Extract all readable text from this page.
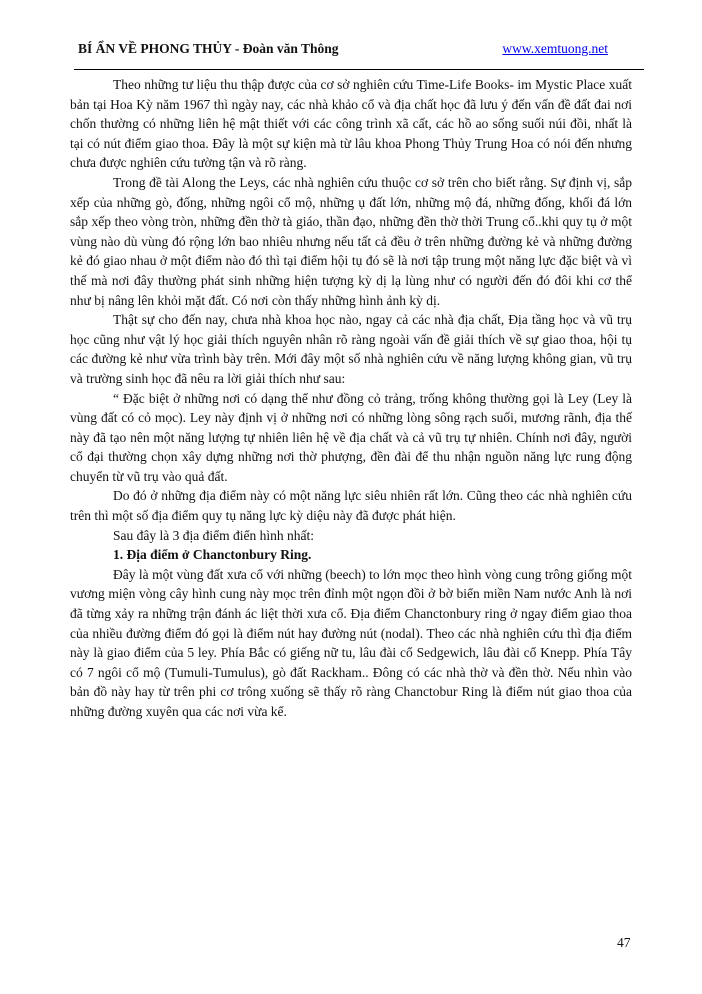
BÍ ẨN VỀ PHONG THỦY - Đoàn văn Thông	www.xemtuong.net

Theo những tư liệu thu thập được của cơ sở nghiên cứu Time-Life Books- im Mystic Place xuất bản tại Hoa Kỳ năm 1967 thì ngày nay, các nhà khảo cổ và địa chất học đã lưu ý đến vấn đề đất đai nơi chốn thường có những liên hệ mật thiết với các công trình xã cất, các hồ ao sống suối núi đồi, nhất là tại có nút điểm giao thoa. Đây là một sự kiện mà từ lâu khoa Phong Thủy Trung Hoa có nói đến nhưng chưa được nghiên cứu tường tận và rõ ràng.

Trong đề tài Along the Leys, các nhà nghiên cứu thuộc cơ sở trên cho biết rằng. Sự định vị, sắp xếp của những gò, đống, những ngôi cổ mộ, những ụ đất lớn, những mộ đá, những đống, khối đá lớn sắp xếp theo vòng tròn, những đền thờ tà giáo, thần đạo, những đền thờ thời Trung cổ..khi quy tụ ở một vùng nào dù vùng đó rộng lớn bao nhiêu nhưng nếu tất cả đều ở trên những đường kẻ và những đường kẻ đó giao nhau ở một điểm nào đó thì tại điểm hội tụ đó sẽ là nơi tập trung một năng lực đặc biệt và vì thế mà nơi đây thường phát sinh những hiện tượng kỳ dị lạ lùng như có người đến đó đôi khi cơ thể như bị nâng lên khỏi mặt đất. Có nơi còn thấy những hình ảnh kỳ dị.

Thật sự cho đến nay, chưa nhà khoa học nào, ngay cả các nhà địa chất, Địa tầng học và vũ trụ học cũng như vật lý học giải thích nguyên nhân rõ ràng ngoài vấn đề giải thích về sự giao thoa, hội tụ các đường kẻ như vừa trình bày trên. Mới đây một số nhà nghiên cứu về năng lượng không gian, vũ trụ và trường sinh học đã nêu ra lời giải thích như sau:

“ Đặc biệt ở những nơi có dạng thể như đồng cỏ trảng, trống không thường gọi là Ley (Ley là vùng đất có cỏ mọc). Ley này định vị ở những nơi có những lòng sông rạch suối, mương rãnh, địa thế này đã tạo nên một năng lượng tự nhiên liên hệ về địa chất và cả vũ trụ tự nhiên. Chính nơi đây, người cổ đại thường chọn xây dựng những nơi thờ phượng, đền đài để thu nhận nguồn năng lực rung động chuyển từ vũ trụ vào quả đất.

Do đó ở những địa điểm này có một năng lực siêu nhiên rất lớn. Cũng theo các nhà nghiên cứu trên thì một số địa điểm quy tụ năng lực kỳ diệu này đã được phát hiện.

Sau đây là 3 địa điểm điển hình nhất:

1. Địa điểm ở Chanctonbury Ring.

Đây là một vùng đất xưa cổ với những (beech) to lớn mọc theo hình vòng cung trông giống một vương miện vòng cây hình cung này mọc trên đỉnh một ngọn đồi ở bờ biển miền Nam nước Anh là nơi đã từng xảy ra những trận đánh ác liệt thời xưa cổ. Địa điểm Chanctonbury ring ở ngay điểm giao thoa của nhiều đường điểm đó gọi là điểm nút hay đường nút (nodal). Theo các nhà nghiên cứu thì địa điểm này là giao điểm của 5 ley. Phía Bắc có giếng nữ tu, lâu đài cổ Sedgewich, lâu đài cổ Knepp. Phía Tây có 7 ngôi cổ mộ (Tumuli-Tumulus), gò đất Rackham.. Đông có các nhà thờ và đền thờ. Nếu nhìn vào bản đồ này hay từ trên phi cơ trông xuống sẽ thấy rõ ràng Chanctobur Ring là điểm nút giao thoa của những đường xuyên qua các nơi vừa kể.

47
